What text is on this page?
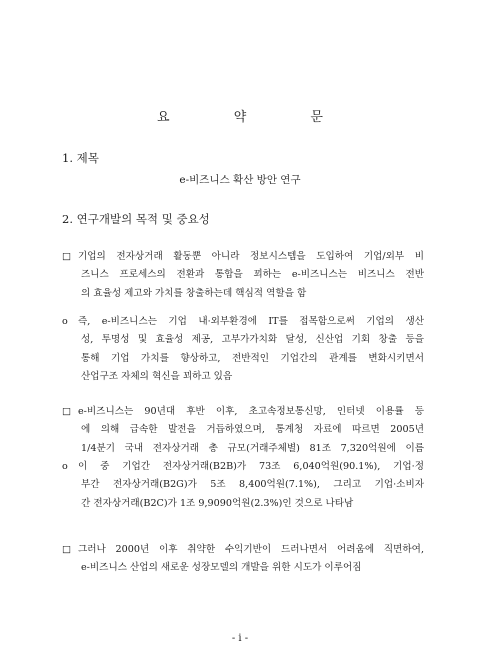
요 약 문
1. 제목
e-비즈니스 확산 방안 연구
2. 연구개발의 목적 및 중요성
□ 기업의 전자상거래 활동뿐 아니라 정보시스템을 도입하여 기업/외부 비
즈니스 프로세스의 전환과 통합을 꾀하는 e-비즈니스는 비즈니스 전반
의 효율성 제고와 가치를 창출하는데 핵심적 역할을 함
o 즉, e-비즈니스는 기업 내·외부환경에 IT를 접목함으로써 기업의 생산
성, 투명성 및 효율성 제공, 고부가가치화 달성, 신산업 기회 창출 등을
통해 기업 가치를 향상하고, 전반적인 기업간의 관계를 변화시키면서
산업구조 자체의 혁신을 꾀하고 있음
□ e-비즈니스는 90년대 후반 이후, 초고속정보통신망, 인터넷 이용률 등
에 의해 급속한 발전을 거듭하였으며, 통계청 자료에 따르면 2005년
1/4분기 국내 전자상거래 총 규모(거래주체별) 81조 7,320억원에 이름
o 이 중 기업간 전자상거래(B2B)가 73조 6,040억원(90.1%), 기업·정
부간 전자상거래(B2G)가 5조 8,400억원(7.1%), 그리고 기업·소비자
간 전자상거래(B2C)가 1조 9,9090억원(2.3%)인 것으로 나타남
□ 그러나 2000년 이후 취약한 수익기반이 드러나면서 어려움에 직면하여,
e-비즈니스 산업의 새로운 성장모델의 개발을 위한 시도가 이루어짐
- i -
